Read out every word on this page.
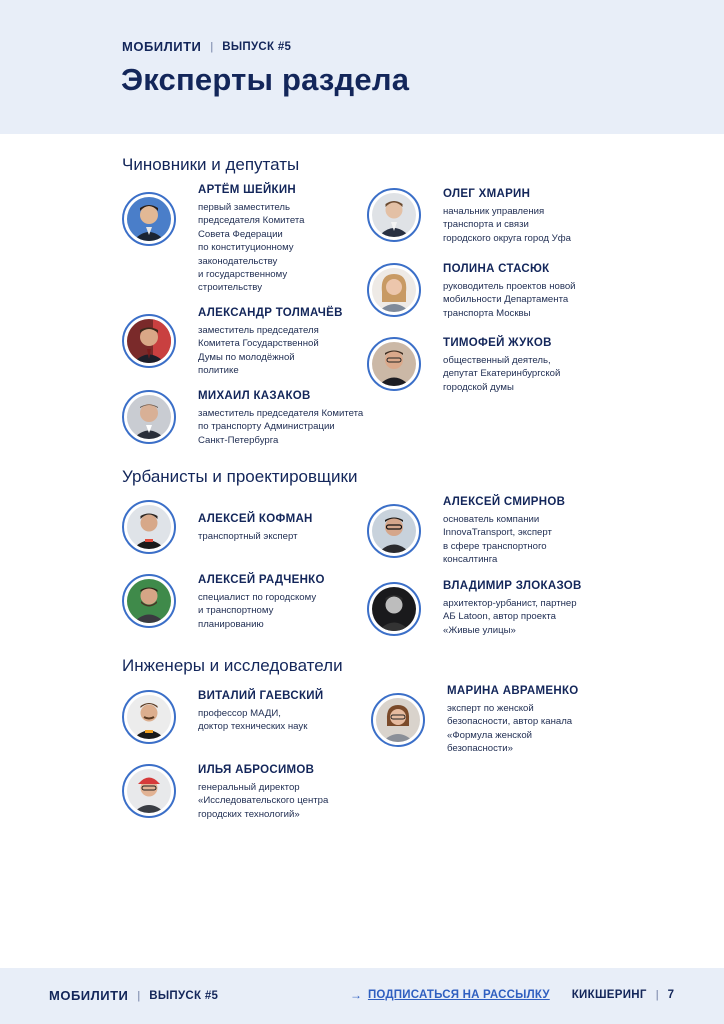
МОБИЛИТИ | ВЫПУСК #5
Эксперты раздела
Чиновники и депутаты

АРТЁМ ШЕЙКИН

первый заместитель
председателя Комитета
Совета Федерации
по конституционному
законодательству
и государственному
строительству

АЛЕКСАНДР ТОЛМАЧЁВ

заместитель председателя
Комитета Государственной
Думы по молодёжной
политике

МИХАИЛ КАЗАКОВ

заместитель председателя Комитета
по транспорту Администрации
Санкт-Петербурга

ОЛЕГ ХМАРИН

начальник управления
транспорта и связи
городского округа город Уфа

ПОЛИНА СТАСЮК

руководитель проектов новой
мобильности Департамента
транспорта Москвы

ТИМОФЕЙ ЖУКОВ

общественный деятель,
депутат Екатеринбургской
городской думы

Урбанисты и проектировщики

АЛЕКСЕЙ КОФМАН

транспортный эксперт

АЛЕКСЕЙ РАДЧЕНКО

специалист по городскому
и транспортному
планированию

АЛЕКСЕЙ СМИРНОВ

основатель компании
InnovaTransport, эксперт
в сфере транспортного
консалтинга

ВЛАДИМИР ЗЛОКАЗОВ

архитектор-урбанист, партнер
АБ Latoon, автор проекта
«Живые улицы»

Инженеры и исследователи

ВИТАЛИЙ ГАЕВСКИЙ

профессор МАДИ,
доктор технических наук

ИЛЬЯ АБРОСИМОВ

генеральный директор
«Исследовательского центра
городских технологий»

МАРИНА АВРАМЕНКО

эксперт по женской
безопасности, автор канала
«Формула женской
безопасности»

МОБИЛИТИ | ВЫПУСК #5	→ ПОДПИСАТЬСЯ НА РАССЫЛКУ КИКШЕРИНГ | 7
